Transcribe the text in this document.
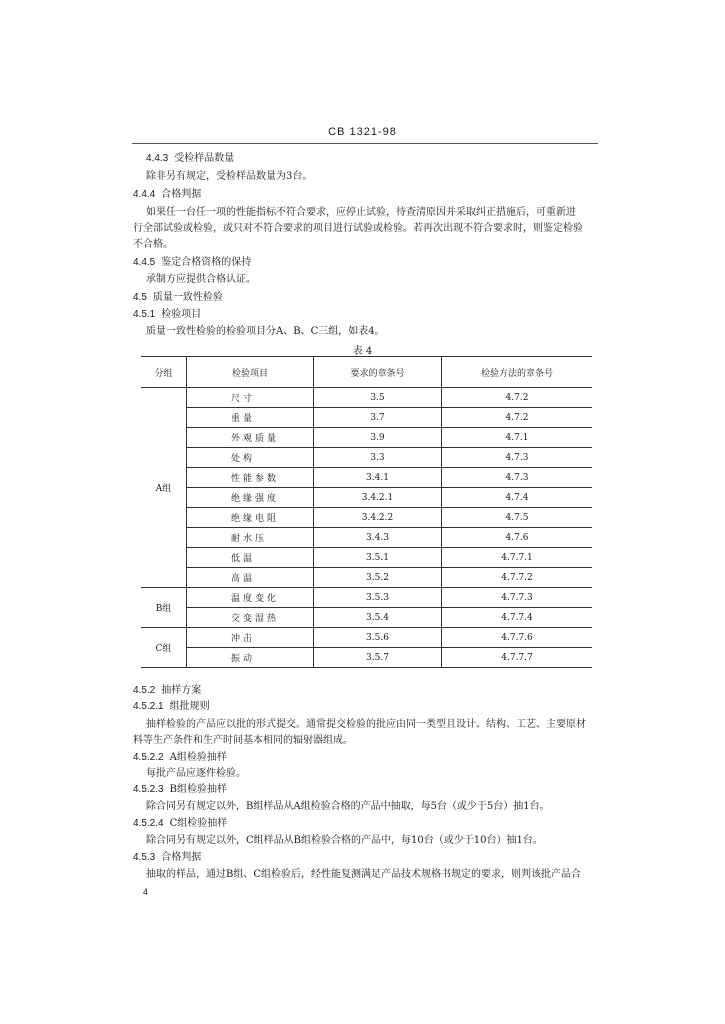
CB 1321-98
4.4.3 受检样品数量
除非另有规定，受检样品数量为3台。
4.4.4 合格判据
如果任一台任一项的性能指标不符合要求，应停止试验，待查清原因并采取纠正措施后，可重新进
行全部试验或检验，或只对不符合要求的项目进行试验或检验。若再次出现不符合要求时，则鉴定检验
不合格。
4.4.5 鉴定合格资格的保持
承制方应提供合格认证。
4.5 质量一致性检验
4.5.1 检验项目
质量一致性检验的检验项目分A、B、C三组，如表4。
表 4
分组	检验项目	要求的章条号	检验方法的章条号
A组	尺寸	3.5	4.7.2
	重量	3.7	4.7.2
	外观质量	3.9	4.7.1
	处构	3.3	4.7.3
	性能参数	3.4.1	4.7.3
	绝缘强度	3.4.2.1	4.7.4
	绝缘电阻	3.4.2.2	4.7.5
	耐水压	3.4.3	4.7.6
	低温	3.5.1	4.7.7.1
	高温	3.5.2	4.7.7.2
B组	温度变化	3.5.3	4.7.7.3
	交变湿热	3.5.4	4.7.7.4
C组	冲击	3.5.6	4.7.7.6
	振动	3.5.7	4.7.7.7
4.5.2 抽样方案
4.5.2.1 组批规则
抽样检验的产品应以批的形式提交。通常提交检验的批应由同一类型且设计、结构、工艺、主要原材
料等生产条件和生产时间基本相同的辐射器组成。
4.5.2.2 A组检验抽样
每批产品应逐件检验。
4.5.2.3 B组检验抽样
除合同另有规定以外，B组样品从A组检验合格的产品中抽取，每5台（或少于5台）抽1台。
4.5.2.4 C组检验抽样
除合同另有规定以外，C组样品从B组检验合格的产品中，每10台（或少于10台）抽1台。
4.5.3 合格判据
抽取的样品，通过B组、C组检验后，经性能复测满足产品技术规格书规定的要求，则判该批产品合
4
